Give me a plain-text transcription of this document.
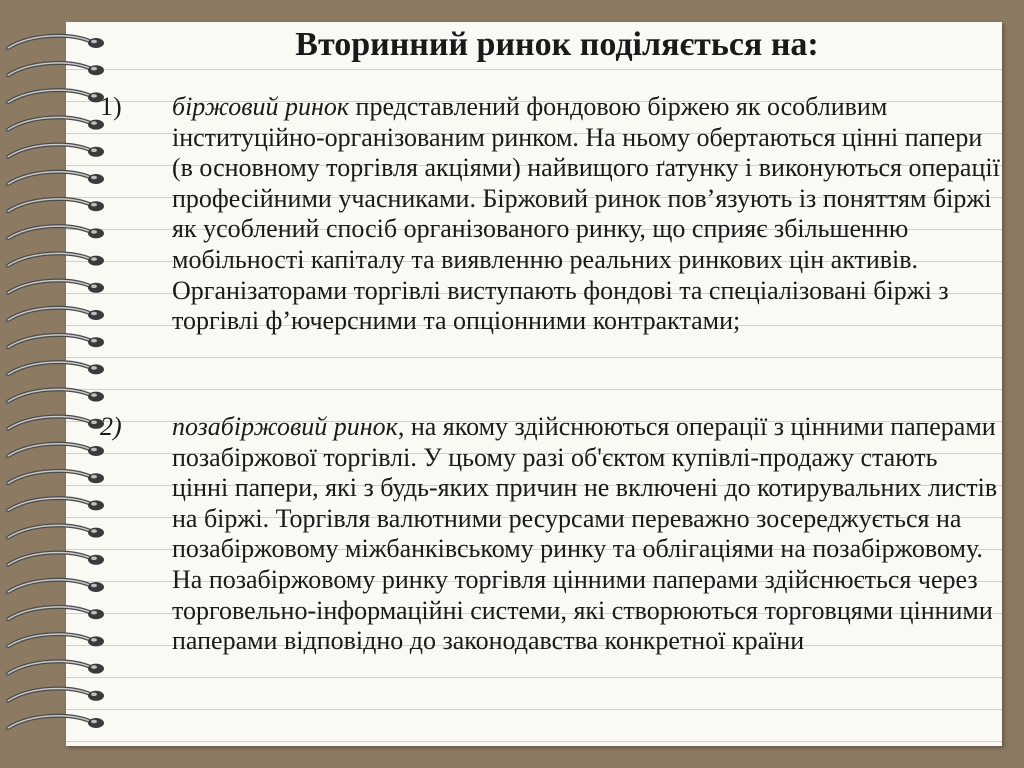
Вторинний ринок поділяється на:
1)	біржовий ринок представлений фондовою біржею як особливим інституційно-організованим ринком. На ньому обертаються цінні папери (в основному торгівля акціями) найвищого ґатунку і виконуються операції професійними учасниками. Біржовий ринок пов’язують із поняттям біржі як усоблений спосіб організованого ринку, що сприяє збільшенню мобільності капіталу та виявленню реальних ринкових цін активів. Організаторами торгівлі виступають фондові та спеціалізовані біржі з торгівлі ф’ючерсними та опціонними контрактами;
2)	позабіржовий ринок, на якому здійснюються операції з цінними паперами позабіржової торгівлі. У цьому разі об'єктом купівлі-продажу стають цінні папери, які з будь-яких причин не включені до котирувальних листів на біржі. Торгівля валютними ресурсами переважно зосереджується на позабіржовому міжбанківському ринку та облігаціями на позабіржовому. На позабіржовому ринку торгівля цінними паперами здійснюється через торговельно-інформаційні системи, які створюються торговцями цінними паперами відповідно до законодавства конкретної країни
